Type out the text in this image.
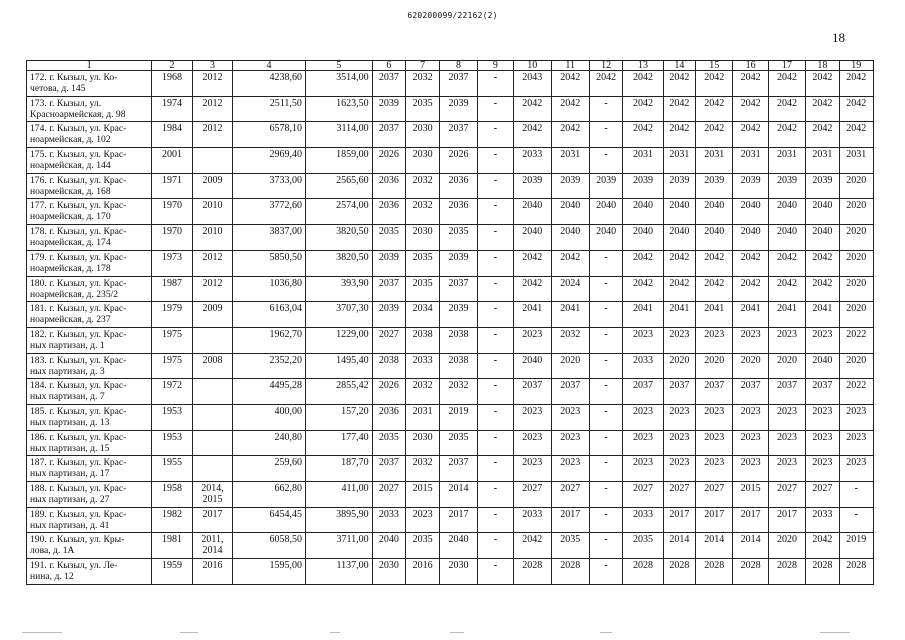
620200099/22162(2)
18
1	2	3	4	5	6	7	8	9	10	11	12	13	14	15	16	17	18	19
172. г. Кызыл, ул. Ко-
четова, д. 145	1968	2012	4238,60	3514,00	2037	2032	2037	-	2043	2042	2042	2042	2042	2042	2042	2042	2042	2042
173. г. Кызыл, ул.
Красноармейская, д. 98	1974	2012	2511,50	1623,50	2039	2035	2039	-	2042	2042	-	2042	2042	2042	2042	2042	2042	2042
174. г. Кызыл, ул. Крас-
ноармейская, д. 102	1984	2012	6578,10	3114,00	2037	2030	2037	-	2042	2042	-	2042	2042	2042	2042	2042	2042	2042
175. г. Кызыл, ул. Крас-
ноармейская, д. 144	2001		2969,40	1859,00	2026	2030	2026	-	2033	2031	-	2031	2031	2031	2031	2031	2031	2031
176. г. Кызыл, ул. Крас-
ноармейская, д. 168	1971	2009	3733,00	2565,60	2036	2032	2036	-	2039	2039	2039	2039	2039	2039	2039	2039	2039	2020
177. г. Кызыл, ул. Крас-
ноармейская, д. 170	1970	2010	3772,60	2574,00	2036	2032	2036	-	2040	2040	2040	2040	2040	2040	2040	2040	2040	2020
178. г. Кызыл, ул. Крас-
ноармейская, д. 174	1970	2010	3837,00	3820,50	2035	2030	2035	-	2040	2040	2040	2040	2040	2040	2040	2040	2040	2020
179. г. Кызыл, ул. Крас-
ноармейская, д. 178	1973	2012	5850,50	3820,50	2039	2035	2039	-	2042	2042	-	2042	2042	2042	2042	2042	2042	2020
180. г. Кызыл, ул. Крас-
ноармейская, д. 235/2	1987	2012	1036,80	393,90	2037	2035	2037	-	2042	2024	-	2042	2042	2042	2042	2042	2042	2020
181. г. Кызыл, ул. Крас-
ноармейская, д. 237	1979	2009	6163,04	3707,30	2039	2034	2039	-	2041	2041	-	2041	2041	2041	2041	2041	2041	2020
182. г. Кызыл, ул. Крас-
ных партизан, д. 1	1975		1962,70	1229,00	2027	2038	2038	-	2023	2032	-	2023	2023	2023	2023	2023	2023	2022
183. г. Кызыл, ул. Крас-
ных партизан, д. 3	1975	2008	2352,20	1495,40	2038	2033	2038	-	2040	2020	-	2033	2020	2020	2020	2020	2040	2020
184. г. Кызыл, ул. Крас-
ных партизан, д. 7	1972		4495,28	2855,42	2026	2032	2032	-	2037	2037	-	2037	2037	2037	2037	2037	2037	2022
185. г. Кызыл, ул. Крас-
ных партизан, д. 13	1953		400,00	157,20	2036	2031	2019	-	2023	2023	-	2023	2023	2023	2023	2023	2023	2023
186. г. Кызыл, ул. Крас-
ных партизан, д. 15	1953		240,80	177,40	2035	2030	2035	-	2023	2023	-	2023	2023	2023	2023	2023	2023	2023
187. г. Кызыл, ул. Крас-
ных партизан, д. 17	1955		259,60	187,70	2037	2032	2037	-	2023	2023	-	2023	2023	2023	2023	2023	2023	2023
188. г. Кызыл, ул. Крас-
ных партизан, д. 27	1958	2014,
2015	662,80	411,00	2027	2015	2014	-	2027	2027	-	2027	2027	2027	2015	2027	2027	-
189. г. Кызыл, ул. Крас-
ных партизан, д. 41	1982	2017	6454,45	3895,90	2033	2023	2017	-	2033	2017	-	2033	2017	2017	2017	2017	2033	-
190. г. Кызыл, ул. Кры-
лова, д. 1А	1981	2011,
2014	6058,50	3711,00	2040	2035	2040	-	2042	2035	-	2035	2014	2014	2014	2020	2042	2019
191. г. Кызыл, ул. Ле-
нина, д. 12	1959	2016	1595,00	1137,00	2030	2016	2030	-	2028	2028	-	2028	2028	2028	2028	2028	2028	2028
